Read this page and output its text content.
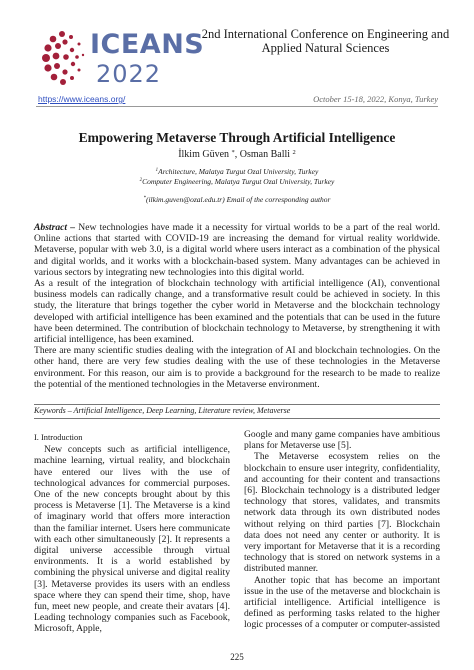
ICEANS
2022
2nd International Conference on Engineering and Applied Natural Sciences
https://www.iceans.org/	October 15-18, 2022, Konya, Turkey
Empowering Metaverse Through Artificial Intelligence
İlkim Güven *, Osman Balli $^2$
$^1$Architecture, Malatya Turgut Ozal University, Turkey
$^2$Computer Engineering, Malatya Turgut Ozal University, Turkey
*(ilkim.guven@ozal.edu.tr) Email of the corresponding author

Abstract – New technologies have made it a necessity for virtual worlds to be a part of the real world. Online actions that started with COVID-19 are increasing the demand for virtual reality worldwide. Metaverse, popular with web 3.0, is a digital world where users interact as a combination of the physical and digital worlds, and it works with a blockchain-based system. Many advantages can be achieved in various sectors by integrating new technologies into this digital world.

As a result of the integration of blockchain technology with artificial intelligence (AI), conventional business models can radically change, and a transformative result could be achieved in society. In this study, the literature that brings together the cyber world in Metaverse and the blockchain technology developed with artificial intelligence has been examined and the potentials that can be used in the future have been determined. The contribution of blockchain technology to Metaverse, by strengthening it with artificial intelligence, has been examined.

There are many scientific studies dealing with the integration of AI and blockchain technologies. On the other hand, there are very few studies dealing with the use of these technologies in the Metaverse environment. For this reason, our aim is to provide a background for the research to be made to realize the potential of the mentioned technologies in the Metaverse environment.

Keywords – Artificial Intelligence, Deep Learning, Literature review, Metaverse

I. Introduction

New concepts such as artificial intelligence, machine learning, virtual reality, and blockchain have entered our lives with the use of technological advances for commercial purposes. One of the new concepts brought about by this process is Metaverse [1]. The Metaverse is a kind of imaginary world that offers more interaction than the familiar internet. Users here communicate with each other simultaneously [2]. It represents a digital universe accessible through virtual environments. It is a world established by combining the physical universe and digital reality [3]. Metaverse provides its users with an endless space where they can spend their time, shop, have fun, meet new people, and create their avatars [4]. Leading technology companies such as Facebook, Microsoft, Apple,

Google and many game companies have ambitious plans for Metaverse use [5].

The Metaverse ecosystem relies on the blockchain to ensure user integrity, confidentiality, and accounting for their content and transactions [6]. Blockchain technology is a distributed ledger technology that stores, validates, and transmits network data through its own distributed nodes without relying on third parties [7]. Blockchain data does not need any center or authority. It is very important for Metaverse that it is a recording technology that is stored on network systems in a distributed manner.

Another topic that has become an important issue in the use of the metaverse and blockchain is artificial intelligence. Artificial intelligence is defined as performing tasks related to the higher logic processes of a computer or computer-assisted

225
